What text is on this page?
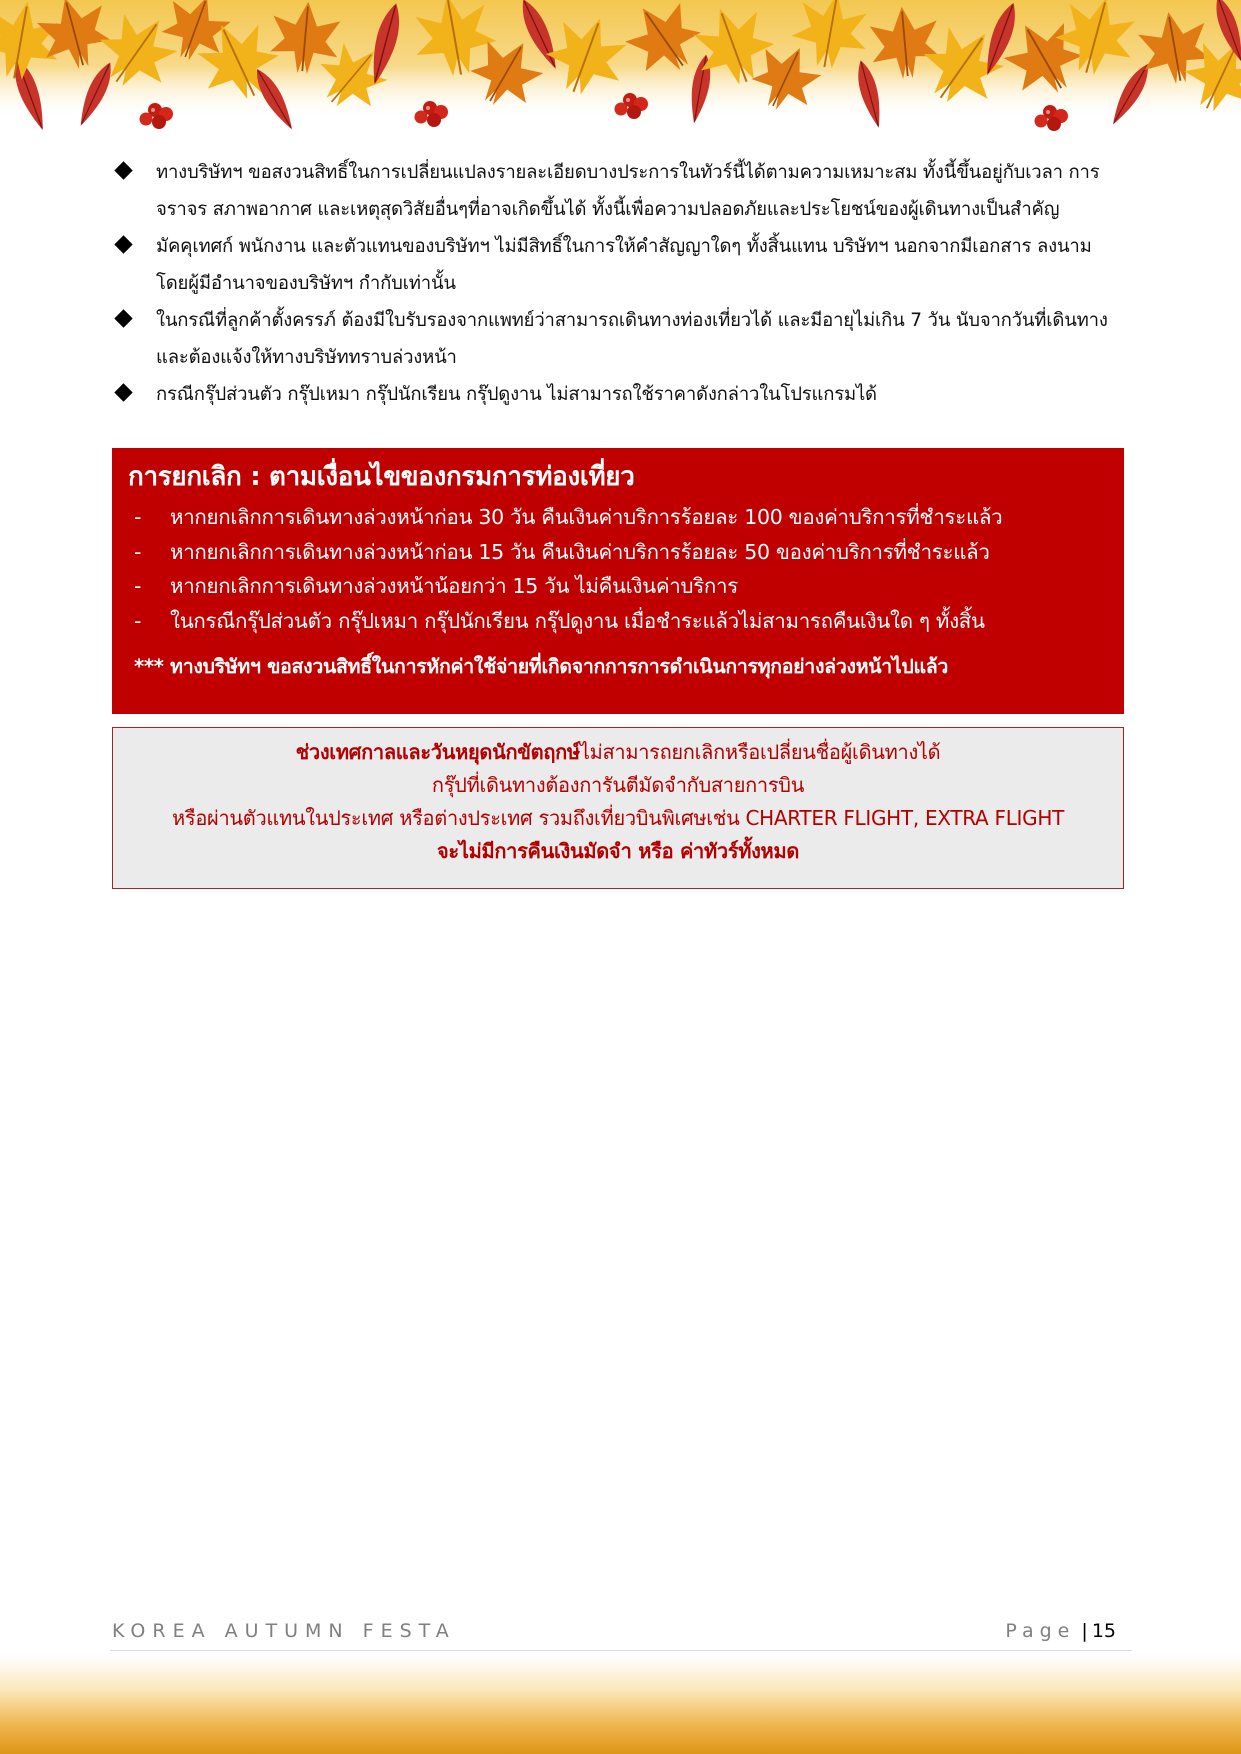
ทางบริษัทฯ ขอสงวนสิทธิ์ในการเปลี่ยนแปลงรายละเอียดบางประการในทัวร์นี้ได้ตามความเหมาะสม ทั้งนี้ขึ้นอยู่กับเวลา การจราจร สภาพอากาศ และเหตุสุดวิสัยอื่นๆที่อาจเกิดขึ้นได้ ทั้งนี้เพื่อความปลอดภัยและประโยชน์ของผู้เดินทางเป็นสำคัญ
มัคคุเทศก์ พนักงาน และตัวแทนของบริษัทฯ ไม่มีสิทธิ์ในการให้คำสัญญาใดๆ ทั้งสิ้นแทน บริษัทฯ นอกจากมีเอกสาร ลงนามโดยผู้มีอำนาจของบริษัทฯ กำกับเท่านั้น
ในกรณีที่ลูกค้าตั้งครรภ์ ต้องมีใบรับรองจากแพทย์ว่าสามารถเดินทางท่องเที่ยวได้ และมีอายุไม่เกิน 7 วัน นับจากวันที่เดินทาง และต้องแจ้งให้ทางบริษัททราบล่วงหน้า
กรณีกรุ๊ปส่วนตัว กรุ๊ปเหมา กรุ๊ปนักเรียน กรุ๊ปดูงาน ไม่สามารถใช้ราคาดังกล่าวในโปรแกรมได้
การยกเลิก : ตามเงื่อนไขของกรมการท่องเที่ยว
- หากยกเลิกการเดินทางล่วงหน้าก่อน 30 วัน คืนเงินค่าบริการร้อยละ 100 ของค่าบริการที่ชำระแล้ว
- หากยกเลิกการเดินทางล่วงหน้าก่อน 15 วัน คืนเงินค่าบริการร้อยละ 50 ของค่าบริการที่ชำระแล้ว
- หากยกเลิกการเดินทางล่วงหน้าน้อยกว่า 15 วัน ไม่คืนเงินค่าบริการ
- ในกรณีกรุ๊ปส่วนตัว กรุ๊ปเหมา กรุ๊ปนักเรียน กรุ๊ปดูงาน เมื่อชำระแล้วไม่สามารถคืนเงินใด ๆ ทั้งสิ้น
*** ทางบริษัทฯ ขอสงวนสิทธิ์ในการหักค่าใช้จ่ายที่เกิดจากการการดำเนินการทุกอย่างล่วงหน้าไปแล้ว
ช่วงเทศกาลและวันหยุดนักขัตฤกษ์ไม่สามารถยกเลิกหรือเปลี่ยนชื่อผู้เดินทางได้
กรุ๊ปที่เดินทางต้องการันตีมัดจำกับสายการบิน
หรือผ่านตัวแทนในประเทศ หรือต่างประเทศ รวมถึงเที่ยวบินพิเศษเช่น CHARTER FLIGHT, EXTRA FLIGHT
จะไม่มีการคืนเงินมัดจำ หรือ ค่าทัวร์ทั้งหมด
KOREA AUTUMN FESTA	Page | 15
